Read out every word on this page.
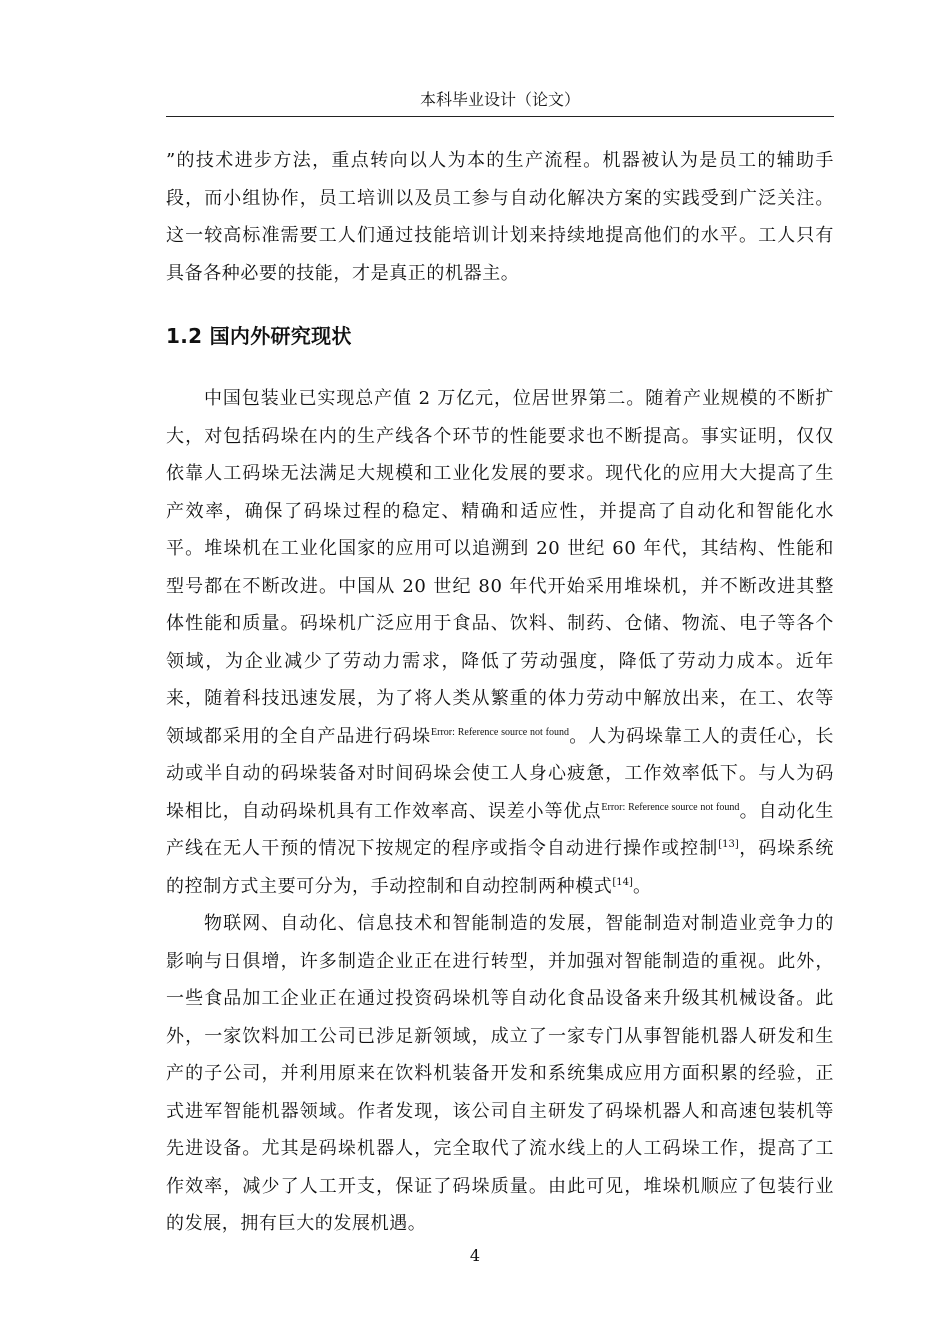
本科毕业设计（论文）

”的技术进步方法，重点转向以人为本的生产流程。机器被认为是员工的辅助手段，而小组协作，员工培训以及员工参与自动化解决方案的实践受到广泛关注。这一较高标准需要工人们通过技能培训计划来持续地提高他们的水平。工人只有具备各种必要的技能，才是真正的机器主。

1.2 国内外研究现状

中国包装业已实现总产值 2 万亿元，位居世界第二。随着产业规模的不断扩大，对包括码垛在内的生产线各个环节的性能要求也不断提高。事实证明，仅仅依靠人工码垛无法满足大规模和工业化发展的要求。现代化的应用大大提高了生产效率，确保了码垛过程的稳定、精确和适应性，并提高了自动化和智能化水平。堆垛机在工业化国家的应用可以追溯到 20 世纪 60 年代，其结构、性能和型号都在不断改进。中国从 20 世纪 80 年代开始采用堆垛机，并不断改进其整体性能和质量。码垛机广泛应用于食品、饮料、制药、仓储、物流、电子等各个领域，为企业减少了劳动力需求，降低了劳动强度，降低了劳动力成本。近年来，随着科技迅速发展，为了将人类从繁重的体力劳动中解放出来，在工、农等领域都采用的全自产品进行码垛$^{Error: Reference source not found}$。人为码垛靠工人的责任心，长动或半自动的码垛装备对时间码垛会使工人身心疲惫，工作效率低下。与人为码垛相比，自动码垛机具有工作效率高、误差小等优点$^{Error: Reference source not found}$。自动化生产线在无人干预的情况下按规定的程序或指令自动进行操作或控制[13]，码垛系统的控制方式主要可分为，手动控制和自动控制两种模式[14]。

物联网、自动化、信息技术和智能制造的发展，智能制造对制造业竞争力的影响与日俱增，许多制造企业正在进行转型，并加强对智能制造的重视。此外，一些食品加工企业正在通过投资码垛机等自动化食品设备来升级其机械设备。此外，一家饮料加工公司已涉足新领域，成立了一家专门从事智能机器人研发和生产的子公司，并利用原来在饮料机装备开发和系统集成应用方面积累的经验，正式进军智能机器领域。作者发现，该公司自主研发了码垛机器人和高速包装机等先进设备。尤其是码垛机器人，完全取代了流水线上的人工码垛工作，提高了工作效率，减少了人工开支，保证了码垛质量。由此可见，堆垛机顺应了包装行业的发展，拥有巨大的发展机遇。

4
